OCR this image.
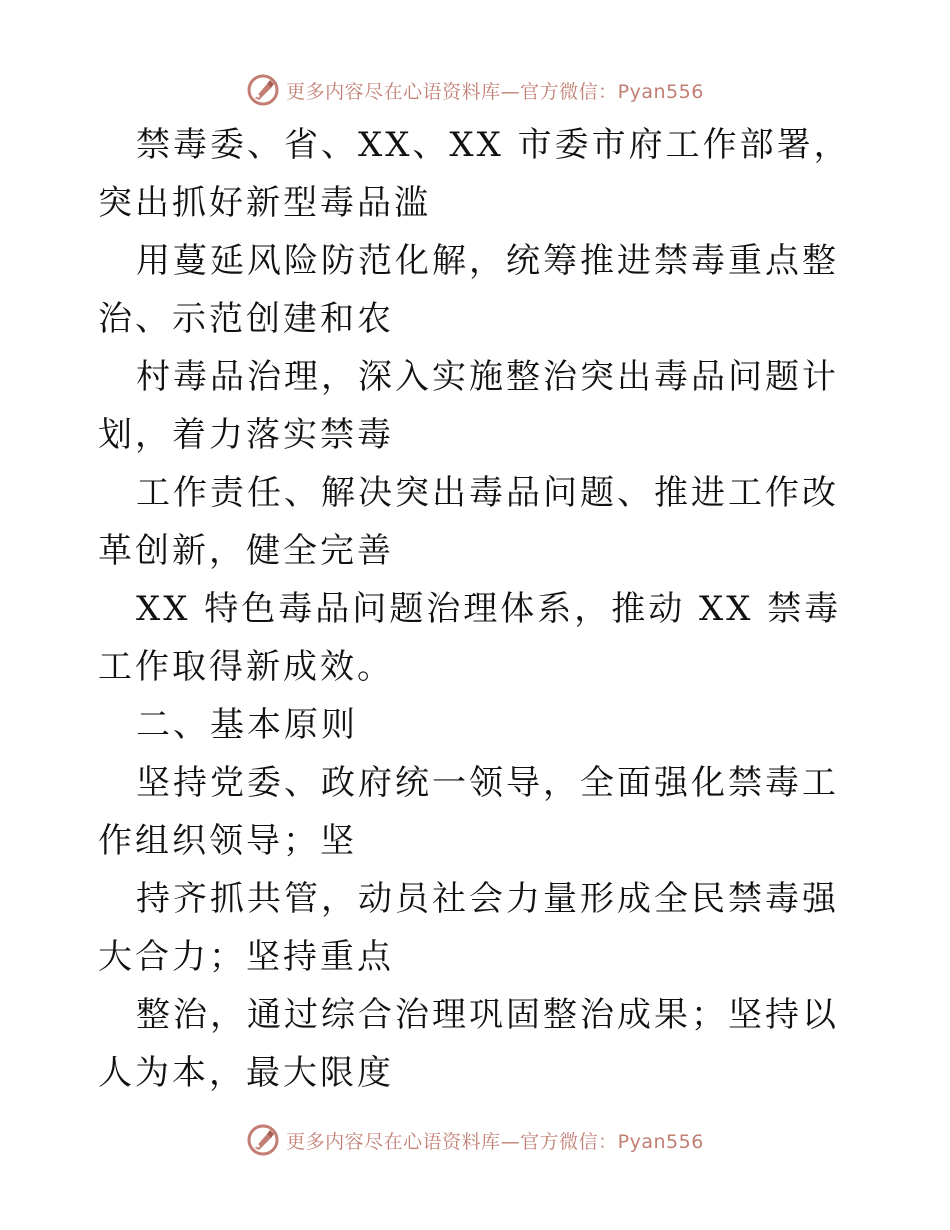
更多内容尽在心语资料库—官方微信：Pyan556

禁毒委、省、XX、XX 市委市府工作部署，突出抓好新型毒品滥

用蔓延风险防范化解，统筹推进禁毒重点整治、示范创建和农

村毒品治理，深入实施整治突出毒品问题计划，着力落实禁毒

工作责任、解决突出毒品问题、推进工作改革创新，健全完善

XX 特色毒品问题治理体系，推动 XX 禁毒工作取得新成效。

二、基本原则

坚持党委、政府统一领导，全面强化禁毒工作组织领导；坚

持齐抓共管，动员社会力量形成全民禁毒强大合力；坚持重点

整治，通过综合治理巩固整治成果；坚持以人为本，最大限度

更多内容尽在心语资料库—官方微信：Pyan556
